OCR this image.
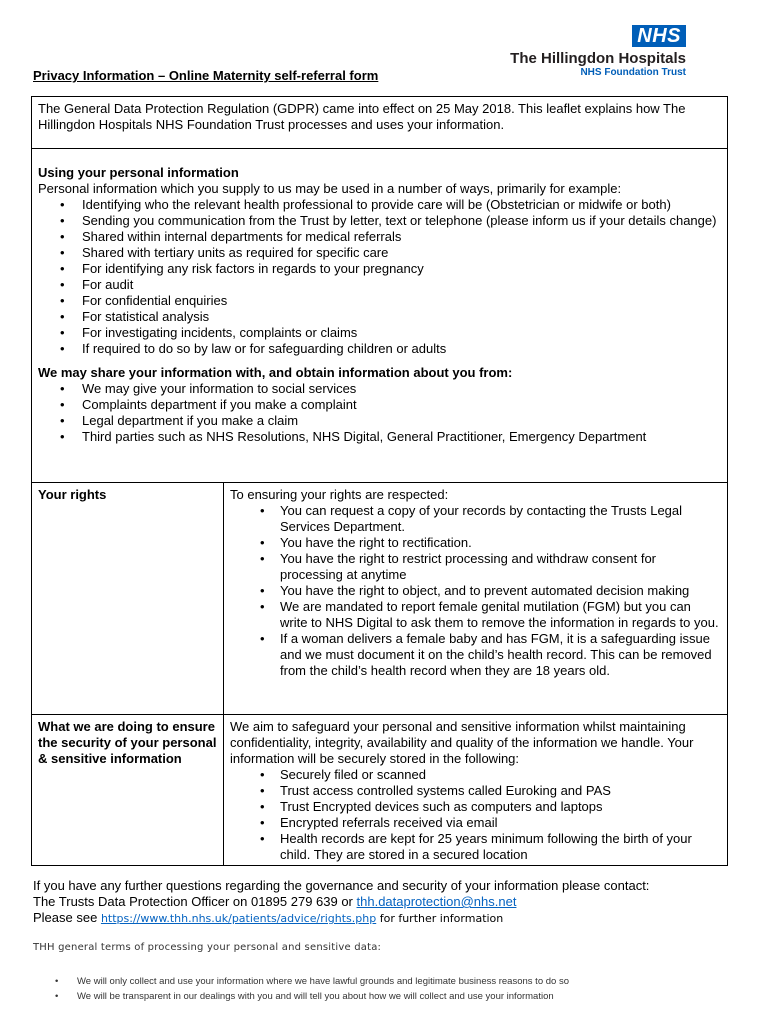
NHS
The Hillingdon Hospitals
NHS Foundation Trust
Privacy Information – Online Maternity self-referral form

The General Data Protection Regulation (GDPR) came into effect on 25 May 2018. This leaflet explains how The Hillingdon Hospitals NHS Foundation Trust processes and uses your information.

Using your personal information

Personal information which you supply to us may be used in a number of ways, primarily for example:

• Identifying who the relevant health professional to provide care will be (Obstetrician or midwife or both)
• Sending you communication from the Trust by letter, text or telephone (please inform us if your details change)
• Shared within internal departments for medical referrals
• Shared with tertiary units as required for specific care
• For identifying any risk factors in regards to your pregnancy
• For audit
• For confidential enquiries
• For statistical analysis
• For investigating incidents, complaints or claims
• If required to do so by law or for safeguarding children or adults

We may share your information with, and obtain information about you from:

• We may give your information to social services
• Complaints department if you make a complaint
• Legal department if you make a claim
• Third parties such as NHS Resolutions, NHS Digital, General Practitioner, Emergency Department
Your rights	To ensuring your rights are respected:

• You can request a copy of your records by contacting the Trusts Legal Services Department.
• You have the right to rectification.
• You have the right to restrict processing and withdraw consent for processing at anytime
• You have the right to object, and to prevent automated decision making
• We are mandated to report female genital mutilation (FGM) but you can write to NHS Digital to ask them to remove the information in regards to you.
• If a woman delivers a female baby and has FGM, it is a safeguarding issue and we must document it on the child’s health record. This can be removed from the child’s health record when they are 18 years old.
What we are doing to ensure the security of your personal & sensitive information

We aim to safeguard your personal and sensitive information whilst maintaining confidentiality, integrity, availability and quality of the information we handle. Your information will be securely stored in the following:

• Securely filed or scanned
• Trust access controlled systems called Euroking and PAS
• Trust Encrypted devices such as computers and laptops
• Encrypted referrals received via email
• Health records are kept for 25 years minimum following the birth of your child. They are stored in a secured location

If you have any further questions regarding the governance and security of your information please contact:

The Trusts Data Protection Officer on 01895 279 639 or thh.dataprotection@nhs.net

Please see https://www.thh.nhs.uk/patients/advice/rights.php for further information

THH general terms of processing your personal and sensitive data:
• We will only collect and use your information where we have lawful grounds and legitimate business reasons to do so
• We will be transparent in our dealings with you and will tell you about how we will collect and use your information
